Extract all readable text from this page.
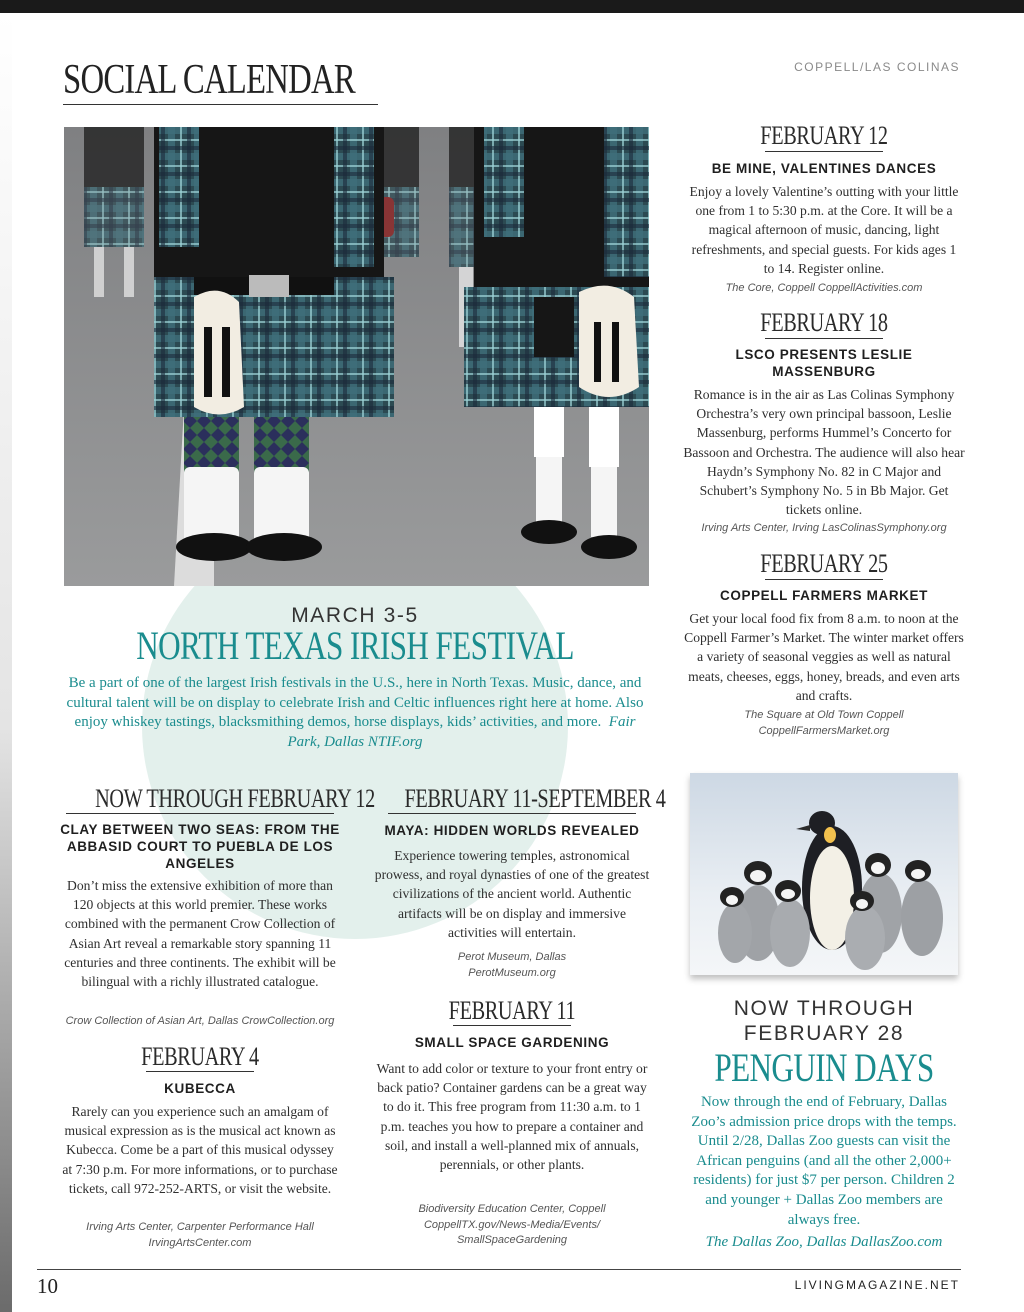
SOCIAL CALENDAR	COPPELL/LAS COLINAS
MARCH 3-5
NORTH TEXAS IRISH FESTIVAL
Be a part of one of the largest Irish festivals in the U.S., here in North Texas. Music, dance, and cultural talent will be on display to celebrate Irish and Celtic influences right here at home. Also enjoy whiskey tastings, blacksmithing demos, horse displays, kids’ activities, and more. Fair Park, Dallas NTIF.org
FEBRUARY 12
BE MINE, VALENTINES DANCES
Enjoy a lovely Valentine’s outting with your little one from 1 to 5:30 p.m. at the Core. It will be a magical afternoon of music, dancing, light refreshments, and special guests. For kids ages 1 to 14. Register online.
The Core, Coppell CoppellActivities.com
FEBRUARY 18
LSCO PRESENTS LESLIE MASSENBURG
Romance is in the air as Las Colinas Symphony Orchestra’s very own principal bassoon, Leslie Massenburg, performs Hummel’s Concerto for Bassoon and Orchestra. The audience will also hear Haydn’s Symphony No. 82 in C Major and Schubert’s Symphony No. 5 in Bb Major. Get tickets online.
Irving Arts Center, Irving LasColinasSymphony.org
FEBRUARY 25
COPPELL FARMERS MARKET
Get your local food fix from 8 a.m. to noon at the Coppell Farmer’s Market. The winter market offers a variety of seasonal veggies as well as natural meats, cheeses, eggs, honey, breads, and even arts and crafts.
The Square at Old Town Coppell
CoppellFarmersMarket.org
NOW THROUGH FEBRUARY 12
CLAY BETWEEN TWO SEAS: FROM THE ABBASID COURT TO PUEBLA DE LOS ANGELES
Don’t miss the extensive exhibition of more than 120 objects at this world premier. These works combined with the permanent Crow Collection of Asian Art reveal a remarkable story spanning 11 centuries and three continents. The exhibit will be bilingual with a richly illustrated catalogue.
Crow Collection of Asian Art, Dallas CrowCollection.org
FEBRUARY 4
KUBECCA
Rarely can you experience such an amalgam of musical expression as is the musical act known as Kubecca. Come be a part of this musical odyssey at 7:30 p.m. For more informations, or to purchase tickets, call 972-252-ARTS, or visit the website.
Irving Arts Center, Carpenter Performance Hall
IrvingArtsCenter.com
FEBRUARY 11-SEPTEMBER 4
MAYA: HIDDEN WORLDS REVEALED
Experience towering temples, astronomical prowess, and royal dynasties of one of the greatest civilizations of the ancient world. Authentic artifacts will be on display and immersive activities will entertain.
Perot Museum, Dallas
PerotMuseum.org
FEBRUARY 11
SMALL SPACE GARDENING
Want to add color or texture to your front entry or back patio? Container gardens can be a great way to do it. This free program from 11:30 a.m. to 1 p.m. teaches you how to prepare a container and soil, and install a well-planned mix of annuals, perennials, or other plants.
Biodiversity Education Center, Coppell
CoppellTX.gov/News-Media/Events/
SmallSpaceGardening
NOW THROUGH
FEBRUARY 28
PENGUIN DAYS
Now through the end of February, Dallas Zoo’s admission price drops with the temps. Until 2/28, Dallas Zoo guests can visit the African penguins (and all the other 2,000+ residents) for just $7 per person. Children 2 and younger + Dallas Zoo members are always free.
The Dallas Zoo, Dallas DallasZoo.com
10	LIVINGMAGAZINE.NET
